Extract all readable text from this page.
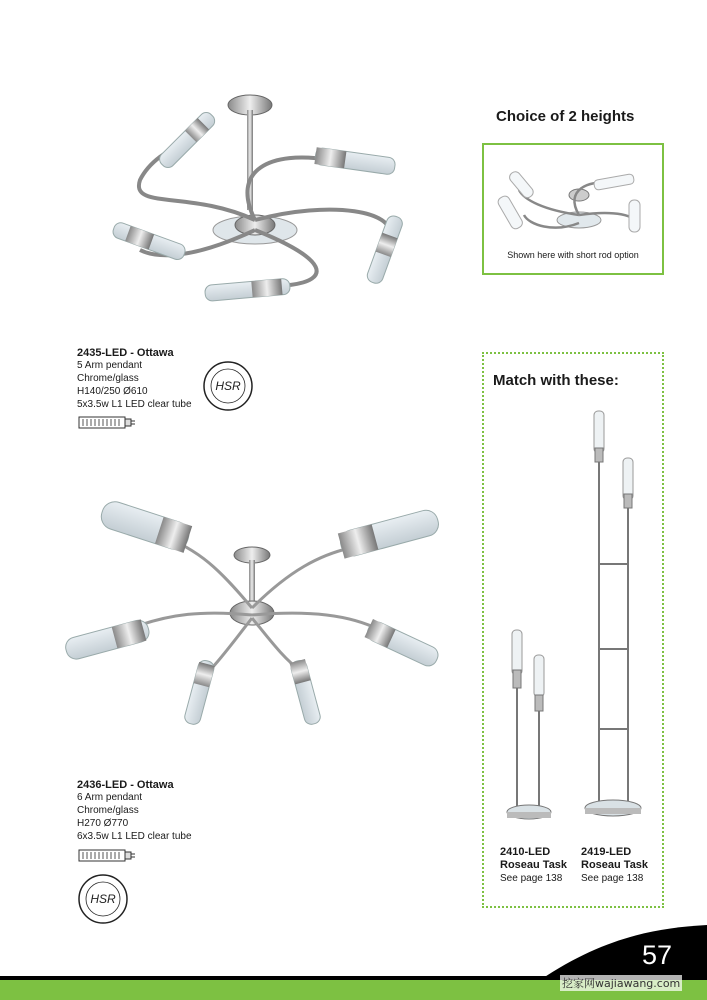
Choice of 2 heights
Shown here with short rod option
2435-LED - Ottawa
5 Arm pendant
Chrome/glass
H140/250 Ø610
5x3.5w L1 LED clear tube
HSR	Match with these:
2410-LED
Roseau Task
See page 138
2419-LED
Roseau Task
See page 138
2436-LED - Ottawa
6 Arm pendant
Chrome/glass
H270 Ø770
6x3.5w L1 LED clear tube
HSR
57
挖家网wajiawang.com
